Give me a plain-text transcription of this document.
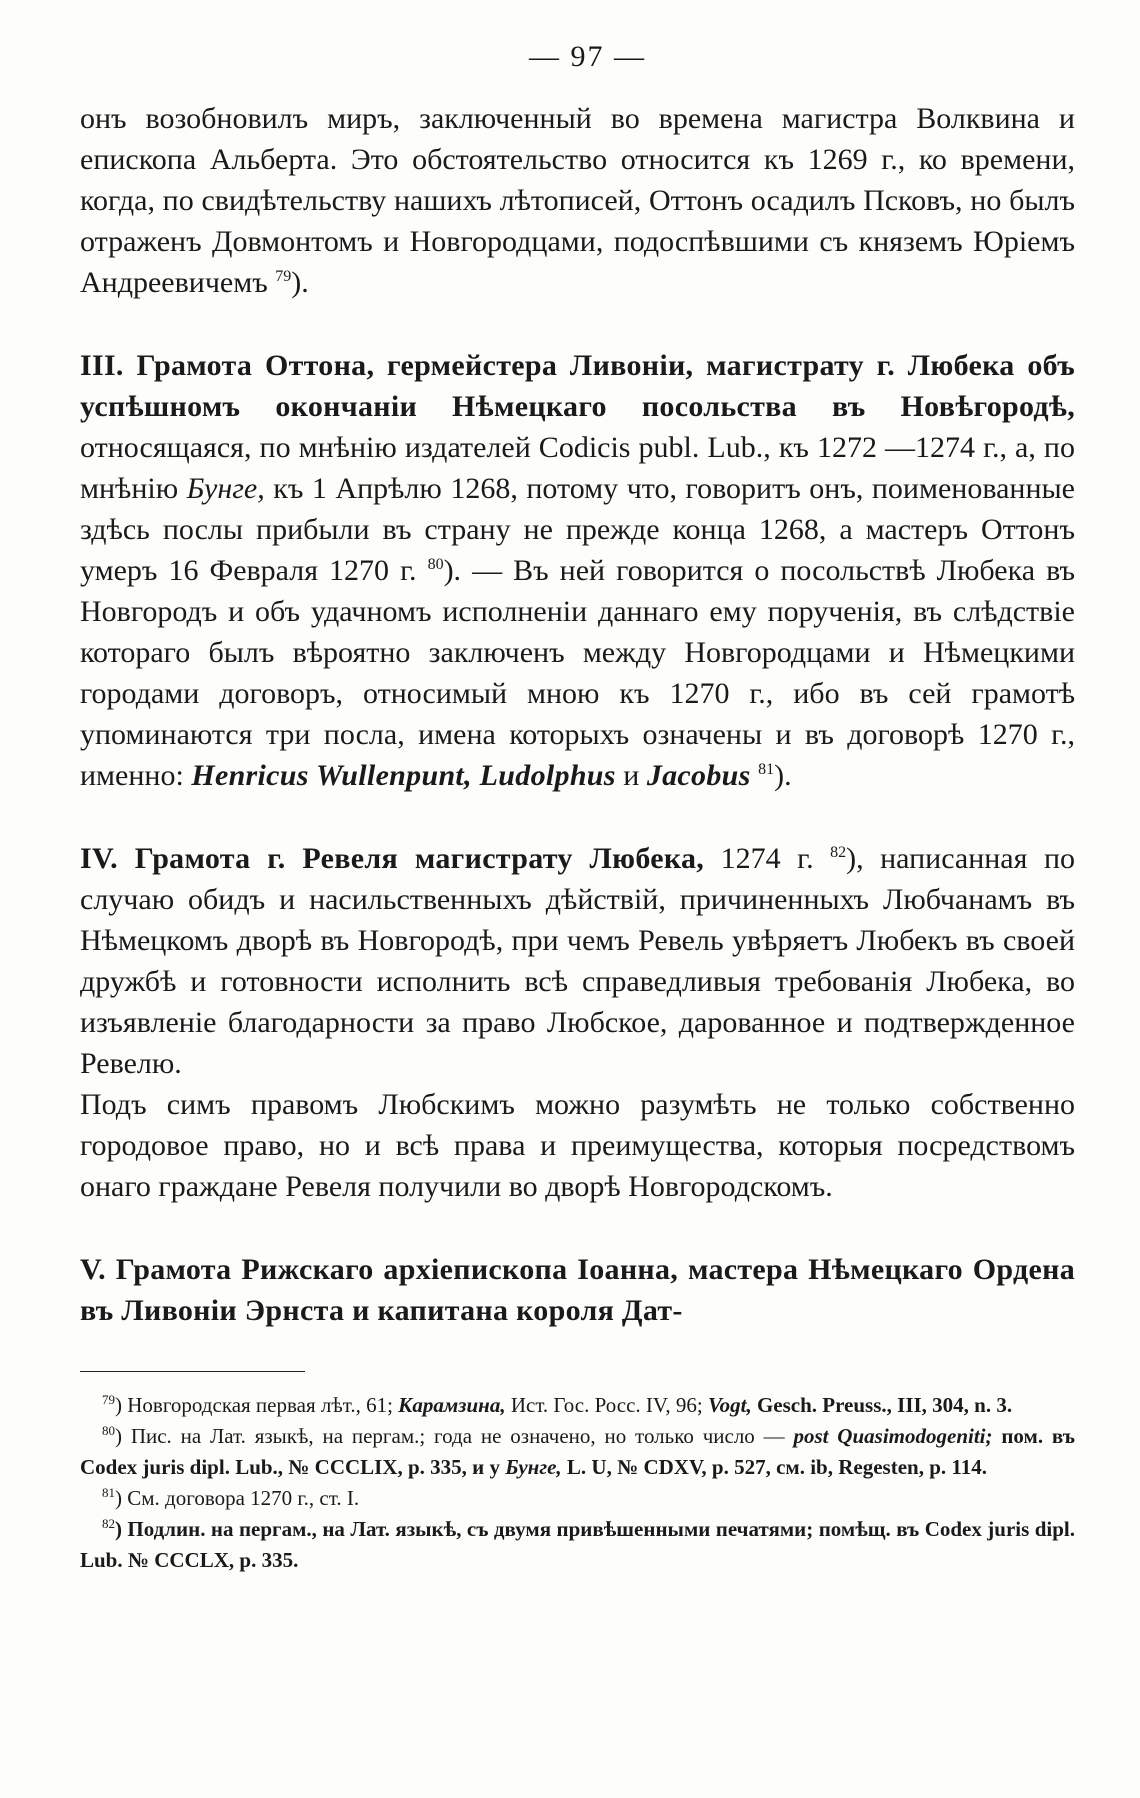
— 97 —

онъ возобновилъ миръ, заключенный во времена магистра Волквина и епископа Альберта. Это обстоятельство относится къ 1269 г., ко времени, когда, по свидѣтельству нашихъ лѣтописей, Оттонъ осадилъ Псковъ, но былъ отраженъ Довмонтомъ и Новгородцами, подоспѣвшими съ княземъ Юріемъ Андреевичемъ $^{79}$).

III. Грамота Оттона, гермейстера Ливоніи, магистрату г. Любека объ успѣшномъ окончаніи Нѣмецкаго посольства въ Новѣгородѣ, относящаяся, по мнѣнію издателей Codicis publ. Lub., къ 1272 —1274 г., а, по мнѣнію Бунге, къ 1 Апрѣлю 1268, потому что, говоритъ онъ, поименованные здѣсь послы прибыли въ страну не прежде конца 1268, а мастеръ Оттонъ умеръ 16 Февраля 1270 г. $^{80}$). — Въ ней говорится о посольствѣ Любека въ Новгородъ и объ удачномъ исполненіи даннаго ему порученія, въ слѣдствіе котораго былъ вѣроятно заключенъ между Новгородцами и Нѣмецкими городами договоръ, относимый мною къ 1270 г., ибо въ сей грамотѣ упоминаются три посла, имена которыхъ означены и въ договорѣ 1270 г., именно: Henricus Wullenpunt, Ludolphus и Jacobus $^{81}$).

IV. Грамота г. Ревеля магистрату Любека, 1274 г. $^{82}$), написанная по случаю обидъ и насильственныхъ дѣйствій, причиненныхъ Любчанамъ въ Нѣмецкомъ дворѣ въ Новгородѣ, при чемъ Ревель увѣряетъ Любекъ въ своей дружбѣ и готовности исполнить всѣ справедливыя требованія Любека, во изъявленіе благодарности за право Любское, дарованное и подтвержденное Ревелю.

Подъ симъ правомъ Любскимъ можно разумѣть не только собственно городовое право, но и всѣ права и преимущества, которыя посредствомъ онаго граждане Ревеля получили во дворѣ Новгородскомъ.

V. Грамота Рижскаго архіепископа Іоанна, мастера Нѣмецкаго Ордена въ Ливоніи Эрнста и капитана короля Дат-

$^{79}$) Новгородская первая лѣт., 61; Карамзина, Ист. Гос. Росс. IV, 96; Vogt, Gesch. Preuss., III, 304, n. 3.

$^{80}$) Пис. на Лат. языкѣ, на пергам.; года не означено, но только число — post Quasimodogeniti; пом. въ Codex juris dipl. Lub., № CCCLIX, p. 335, и у Бунге, L. U, № CDXV, p. 527, см. ib, Regesten, p. 114.

$^{81}$) См. договора 1270 г., ст. I.

$^{82}$) Подлин. на пергам., на Лат. языкѣ, съ двумя привѣшенными печатями; помѣщ. въ Codex juris dipl. Lub. № CCCLX, p. 335.
